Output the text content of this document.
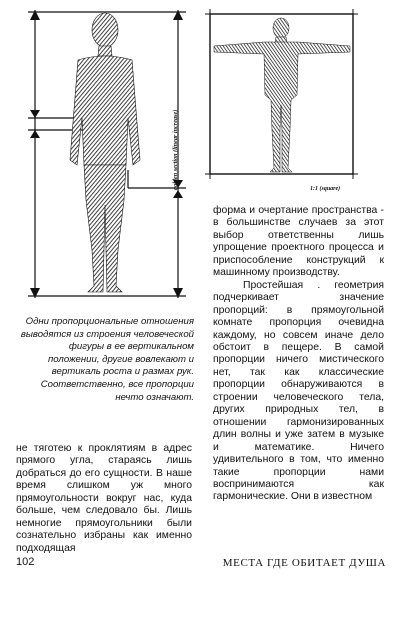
golden section (linear increase)	1:1 (square)
Одни пропорциональные отношения выводятся из строения человеческой фигуры в ее вертикальном положении, другие вовлекают и вертикаль роста и размах рук. Соответственно, все пропорции нечто означают.

не тяготею к проклятиям в адрес прямого угла, стараясь лишь добраться до его сущности. В наше время слишком уж много прямоугольности вокруг нас, куда больше, чем следовало бы. Лишь немногие прямоугольники были сознательно избраны как именно подходящая

форма и очертание пространства - в большинстве случаев за этот выбор ответственны лишь упрощение проектного процесса и приспособление конструкций к машинному производству.

Простейшая . геометрия подчеркивает значение пропорций: в прямоугольной комнате пропорция очевидна каждому, но совсем иначе дело обстоит в пещере. В самой пропорции ничего мистического нет, так как классические пропорции обнаруживаются в строении человеческого тела, других природных тел, в отношении гармонизированных длин волны и уже затем в музыке и математике. Ничего удивительного в том, что именно такие пропорции нами воспринимаются как гармонические. Они в известном

102	МЕСТА ГДЕ ОБИТАЕТ ДУША
